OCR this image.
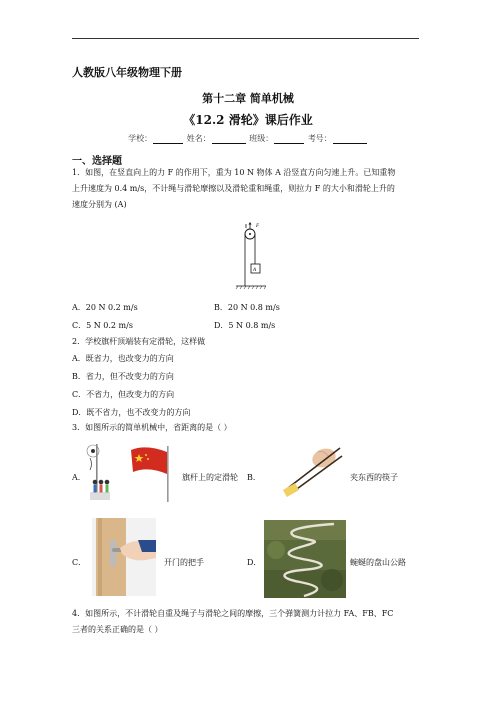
人教版八年级物理下册
第十二章 简单机械
《12.2 滑轮》课后作业
学校：	姓名：	班级：	考号：
一、选择题
1．如图，在竖直向上的力 F 的作用下，重为 10 N 物体 A 沿竖直方向匀速上升。已知重物
上升速度为 0.4 m/s，不计绳与滑轮摩擦以及滑轮重和绳重，则拉力 F 的大小和滑轮上升的
速度分别为 (A)
F
A
A．20 N 0.2 m/s	B．20 N 0.8 m/s
C．5 N 0.2 m/s	D．5 N 0.8 m/s
2．学校旗杆顶端装有定滑轮，这样做
A．既省力，也改变力的方向
B．省力，但不改变力的方向
C．不省力，但改变力的方向
D．既不省力，也不改变力的方向
3．如图所示的简单机械中，省距离的是（ ）
A．	旗杆上的定滑轮 B．	夹东西的筷子
C．	开门的把手	D．	蜿蜒的盘山公路
4．如图所示，不计滑轮自重及绳子与滑轮之间的摩擦，三个弹簧测力计拉力 FA、FB、FC
三者的关系正确的是（ ）
